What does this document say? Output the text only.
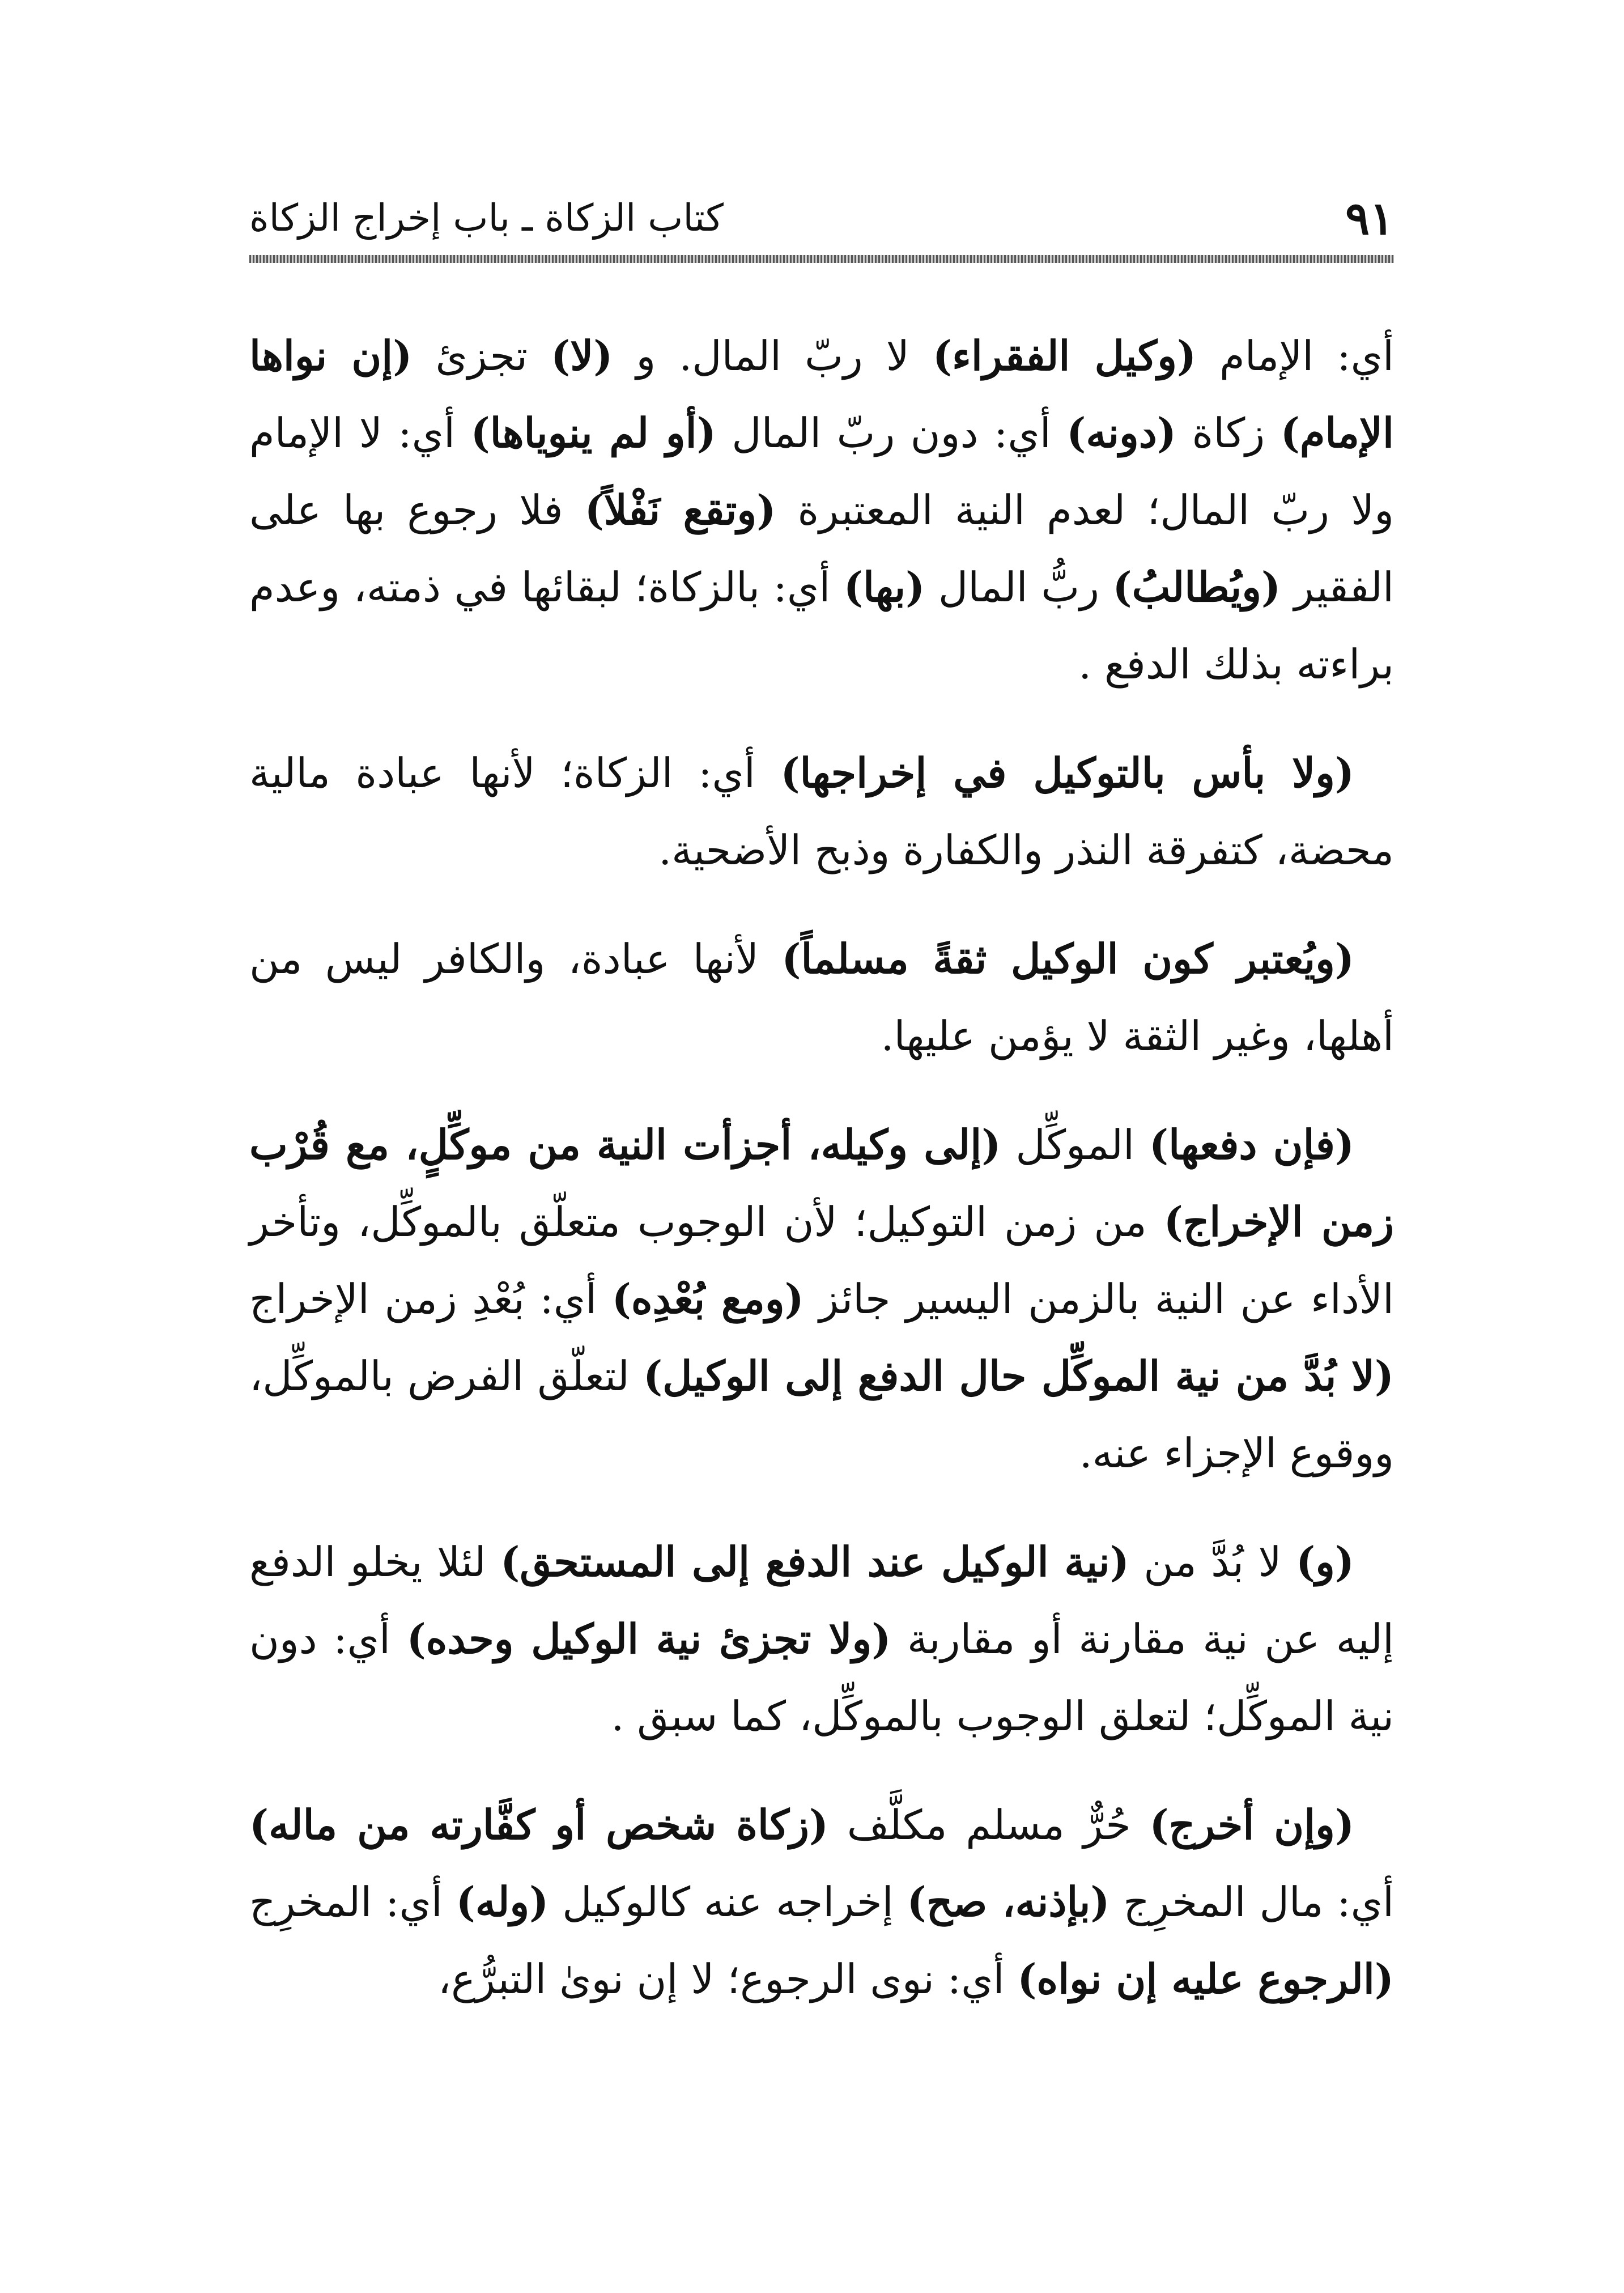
٩١
كتاب الزكاة ـ باب إخراج الزكاة

أي: الإمام (وكيل الفقراء) لا ربّ المال. و (لا) تجزئ (إن نواها الإمام) زكاة (دونه) أي: دون ربّ المال (أو لم ينوياها) أي: لا الإمام ولا ربّ المال؛ لعدم النية المعتبرة (وتقع نَفْلاً) فلا رجوع بها على الفقير (ويُطالبُ) ربُّ المال (بها) أي: بالزكاة؛ لبقائها في ذمته، وعدم براءته بذلك الدفع .

(ولا بأس بالتوكيل في إخراجها) أي: الزكاة؛ لأنها عبادة مالية محضة، كتفرقة النذر والكفارة وذبح الأضحية.

(ويُعتبر كون الوكيل ثقةً مسلماً) لأنها عبادة، والكافر ليس من أهلها، وغير الثقة لا يؤمن عليها.

(فإن دفعها) الموكِّل (إلى وكيله، أجزأت النية من موكِّلٍ، مع قُرْب زمن الإخراج) من زمن التوكيل؛ لأن الوجوب متعلّق بالموكِّل، وتأخر الأداء عن النية بالزمن اليسير جائز (ومع بُعْدِه) أي: بُعْدِ زمن الإخراج (لا بُدَّ من نية الموكِّل حال الدفع إلى الوكيل) لتعلّق الفرض بالموكِّل، ووقوع الإجزاء عنه.

(و) لا بُدَّ من (نية الوكيل عند الدفع إلى المستحق) لئلا يخلو الدفع إليه عن نية مقارنة أو مقاربة (ولا تجزئ نية الوكيل وحده) أي: دون نية الموكِّل؛ لتعلق الوجوب بالموكِّل، كما سبق .

(وإن أخرج) حُرٌّ مسلم مكلَّف (زكاة شخص أو كفَّارته من ماله) أي: مال المخرِج (بإذنه، صح) إخراجه عنه كالوكيل (وله) أي: المخرِج (الرجوع عليه إن نواه) أي: نوى الرجوع؛ لا إن نوىٰ التبرُّع،
